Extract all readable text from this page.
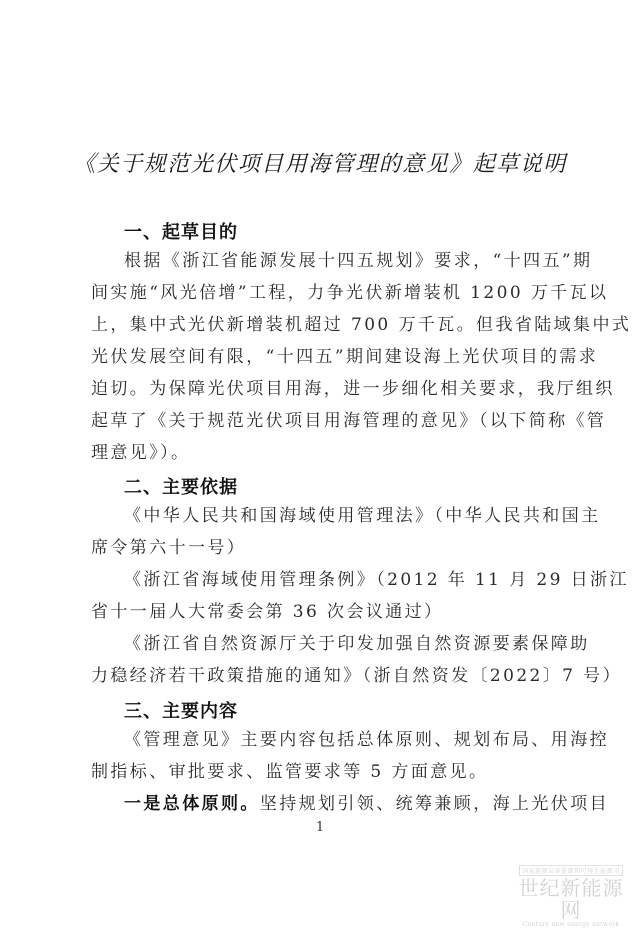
《关于规范光伏项目用海管理的意见》起草说明
一、起草目的
根据《浙江省能源发展十四五规划》要求，“十四五”期
间实施“风光倍增”工程，力争光伏新增装机 1200 万千瓦以
上，集中式光伏新增装机超过 700 万千瓦。但我省陆域集中式
光伏发展空间有限，“十四五”期间建设海上光伏项目的需求
迫切。为保障光伏项目用海，进一步细化相关要求，我厅组织
起草了《关于规范光伏项目用海管理的意见》（以下简称《管
理意见》）。
二、主要依据
《中华人民共和国海域使用管理法》（中华人民共和国主
席令第六十一号）
《浙江省海域使用管理条例》（2012 年 11 月 29 日浙江
省十一届人大常委会第 36 次会议通过）
《浙江省自然资源厅关于印发加强自然资源要素保障助
力稳经济若干政策措施的通知》（浙自然资发〔2022〕7 号）
三、主要内容
《管理意见》主要内容包括总体原则、规划布局、用海控
制指标、审批要求、监管要求等 5 方面意见。
一是总体原则。坚持规划引领、统筹兼顾，海上光伏项目
1
国家能源局新能源和可再生能源司
世纪新能源网
Century new energy network
